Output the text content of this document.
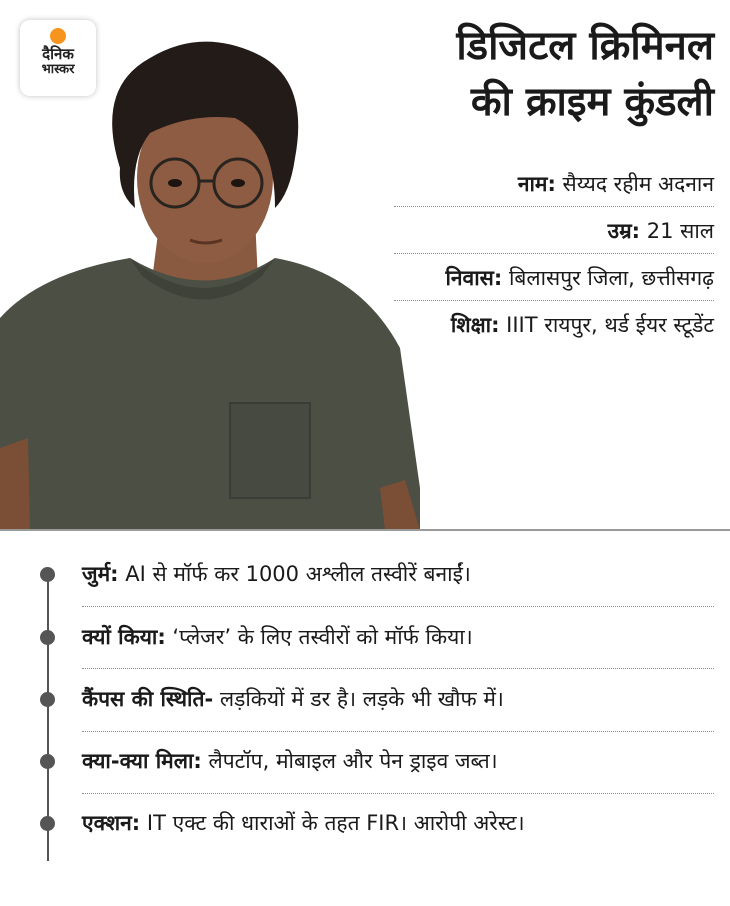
दैनिक
भास्कर
डिजिटल क्रिमिनल
की क्राइम कुंडली
नाम: सैय्यद रहीम अदनान
उम्र: 21 साल
निवास: बिलासपुर जिला, छत्तीसगढ़
शिक्षा: IIIT रायपुर, थर्ड ईयर स्टूडेंट
जुर्म: AI से मॉर्फ कर 1000 अश्लील तस्वीरें बनाईं।
क्यों किया: ‘प्लेजर’ के लिए तस्वीरों को मॉर्फ किया।
कैंपस की स्थिति- लड़कियों में डर है। लड़के भी खौफ में।
क्या-क्या मिला: लैपटॉप, मोबाइल और पेन ड्राइव जब्त।
एक्शन: IT एक्ट की धाराओं के तहत FIR। आरोपी अरेस्ट।
